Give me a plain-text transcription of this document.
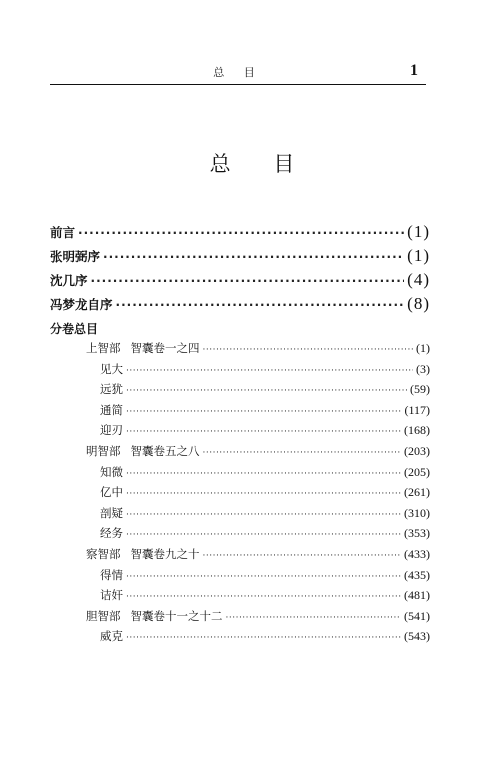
总 目	1
总 目
前言 ·····	(1)
张明弼序 ·····	(1)
沈几序 ·····	(4)
冯梦龙自序 ·····	(8)
分卷总目
上智部 智囊卷一之四 ·····	(1)
见大 ·····	(3)
远犹 ·····	(59)
通简 ·····	(117)
迎刃 ·····	(168)
明智部 智囊卷五之八 ·····	(203)
知微 ·····	(205)
亿中 ·····	(261)
剖疑 ·····	(310)
经务 ·····	(353)
察智部 智囊卷九之十 ·····	(433)
得情 ·····	(435)
诘奸 ·····	(481)
胆智部 智囊卷十一之十二 ·····	(541)
威克 ·····	(543)
